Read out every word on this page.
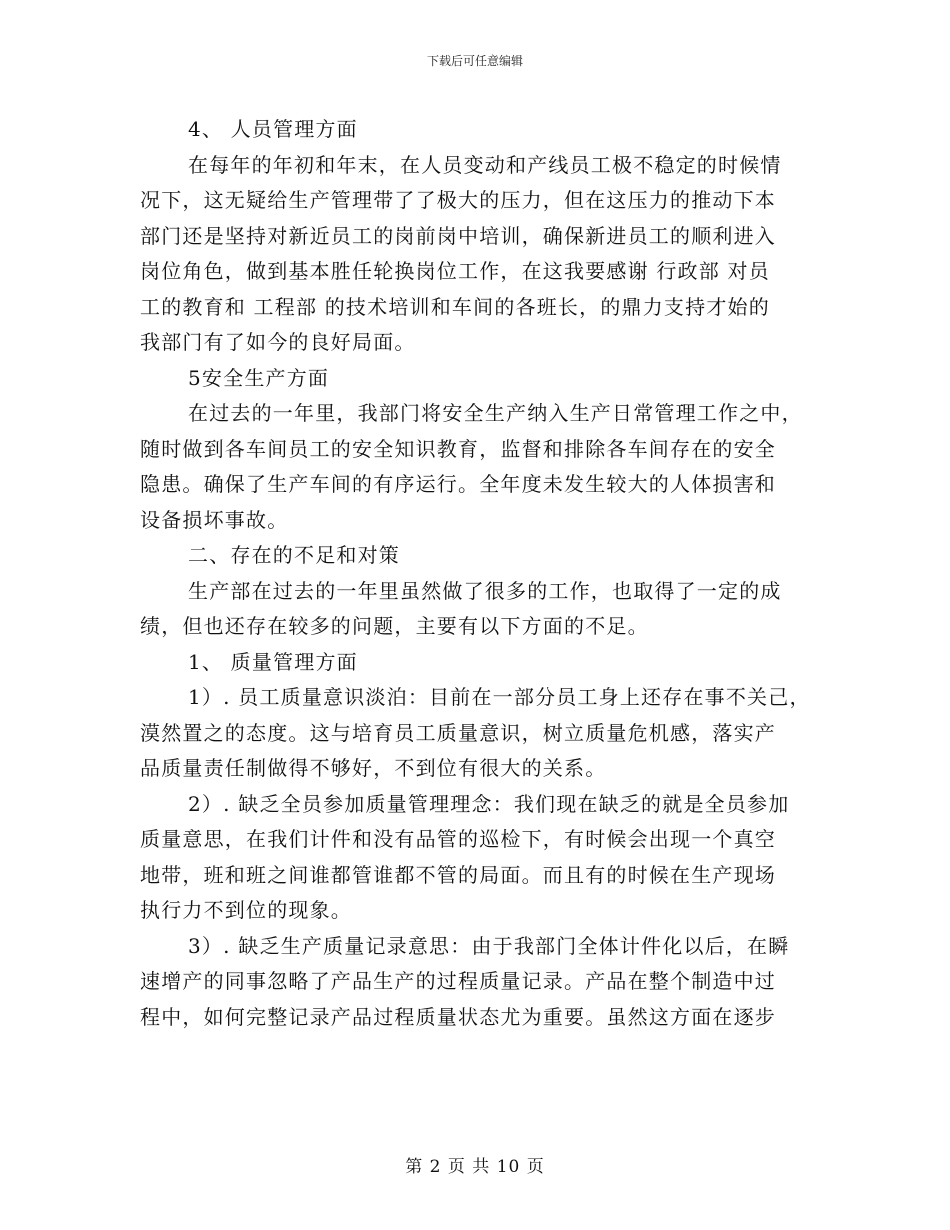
下载后可任意编辑
4、 人员管理方面
在每年的年初和年末，在人员变动和产线员工极不稳定的时候情
况下，这无疑给生产管理带了了极大的压力，但在这压力的推动下本
部门还是坚持对新近员工的岗前岗中培训，确保新进员工的顺利进入
岗位角色，做到基本胜任轮换岗位工作，在这我要感谢 行政部 对员
工的教育和 工程部 的技术培训和车间的各班长，的鼎力支持才始的
我部门有了如今的良好局面。
5安全生产方面
在过去的一年里，我部门将安全生产纳入生产日常管理工作之中，
随时做到各车间员工的安全知识教育，监督和排除各车间存在的安全
隐患。确保了生产车间的有序运行。全年度未发生较大的人体损害和
设备损坏事故。
二、存在的不足和对策
生产部在过去的一年里虽然做了很多的工作，也取得了一定的成
绩，但也还存在较多的问题，主要有以下方面的不足。
1、 质量管理方面
1）. 员工质量意识淡泊：目前在一部分员工身上还存在事不关己，
漠然置之的态度。这与培育员工质量意识，树立质量危机感，落实产
品质量责任制做得不够好，不到位有很大的关系。
2）. 缺乏全员参加质量管理理念：我们现在缺乏的就是全员参加
质量意思，在我们计件和没有品管的巡检下，有时候会出现一个真空
地带，班和班之间谁都管谁都不管的局面。而且有的时候在生产现场
执行力不到位的现象。
3）. 缺乏生产质量记录意思：由于我部门全体计件化以后，在瞬
速增产的同事忽略了产品生产的过程质量记录。产品在整个制造中过
程中，如何完整记录产品过程质量状态尤为重要。虽然这方面在逐步
第 2 页 共 10 页
